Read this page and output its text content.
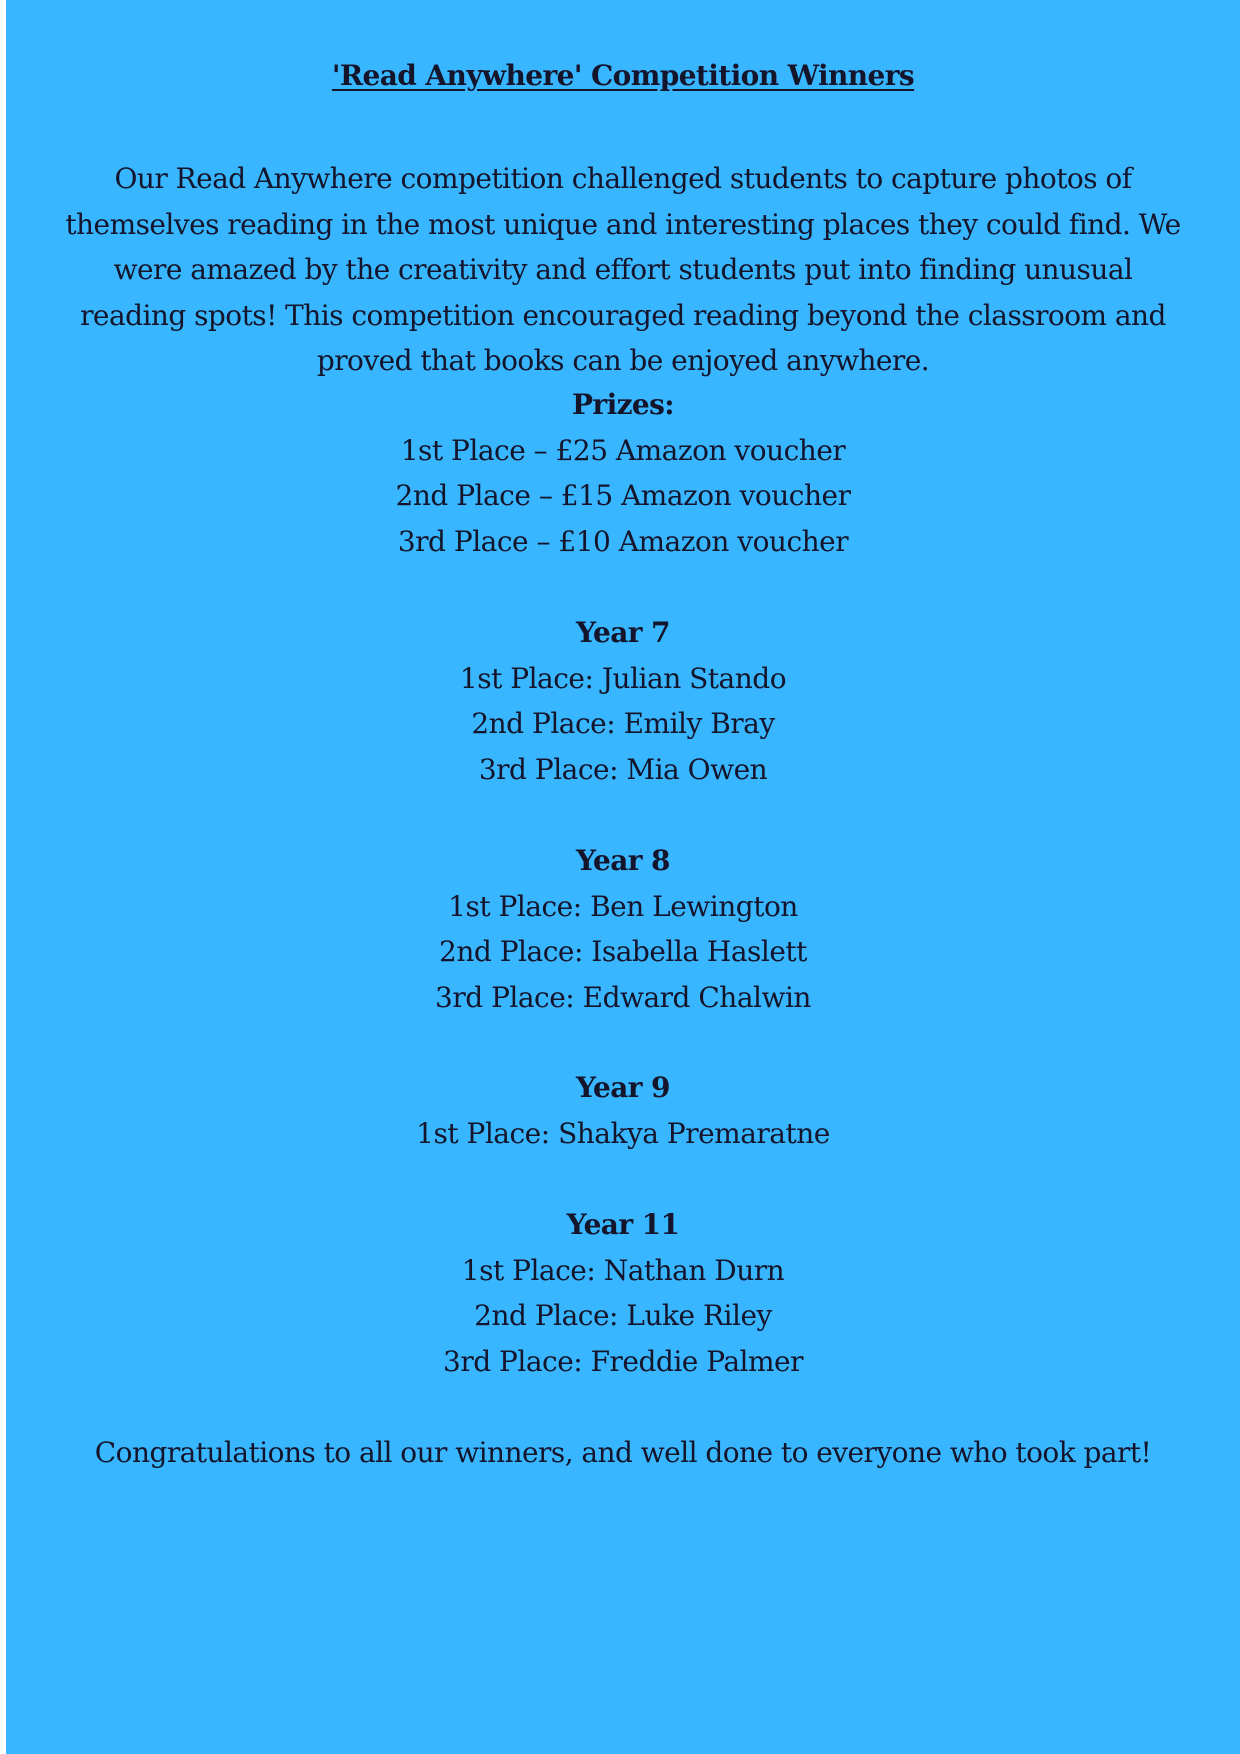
'Read Anywhere' Competition Winners

Our Read Anywhere competition challenged students to capture photos of
themselves reading in the most unique and interesting places they could find. We
were amazed by the creativity and effort students put into finding unusual
reading spots! This competition encouraged reading beyond the classroom and
proved that books can be enjoyed anywhere.

Prizes:
1st Place – £25 Amazon voucher
2nd Place – £15 Amazon voucher
3rd Place – £10 Amazon voucher
Year 7
1st Place: Julian Stando
2nd Place: Emily Bray
3rd Place: Mia Owen
Year 8
1st Place: Ben Lewington
2nd Place: Isabella Haslett
3rd Place: Edward Chalwin
Year 9
1st Place: Shakya Premaratne
Year 11
1st Place: Nathan Durn
2nd Place: Luke Riley
3rd Place: Freddie Palmer

Congratulations to all our winners, and well done to everyone who took part!
